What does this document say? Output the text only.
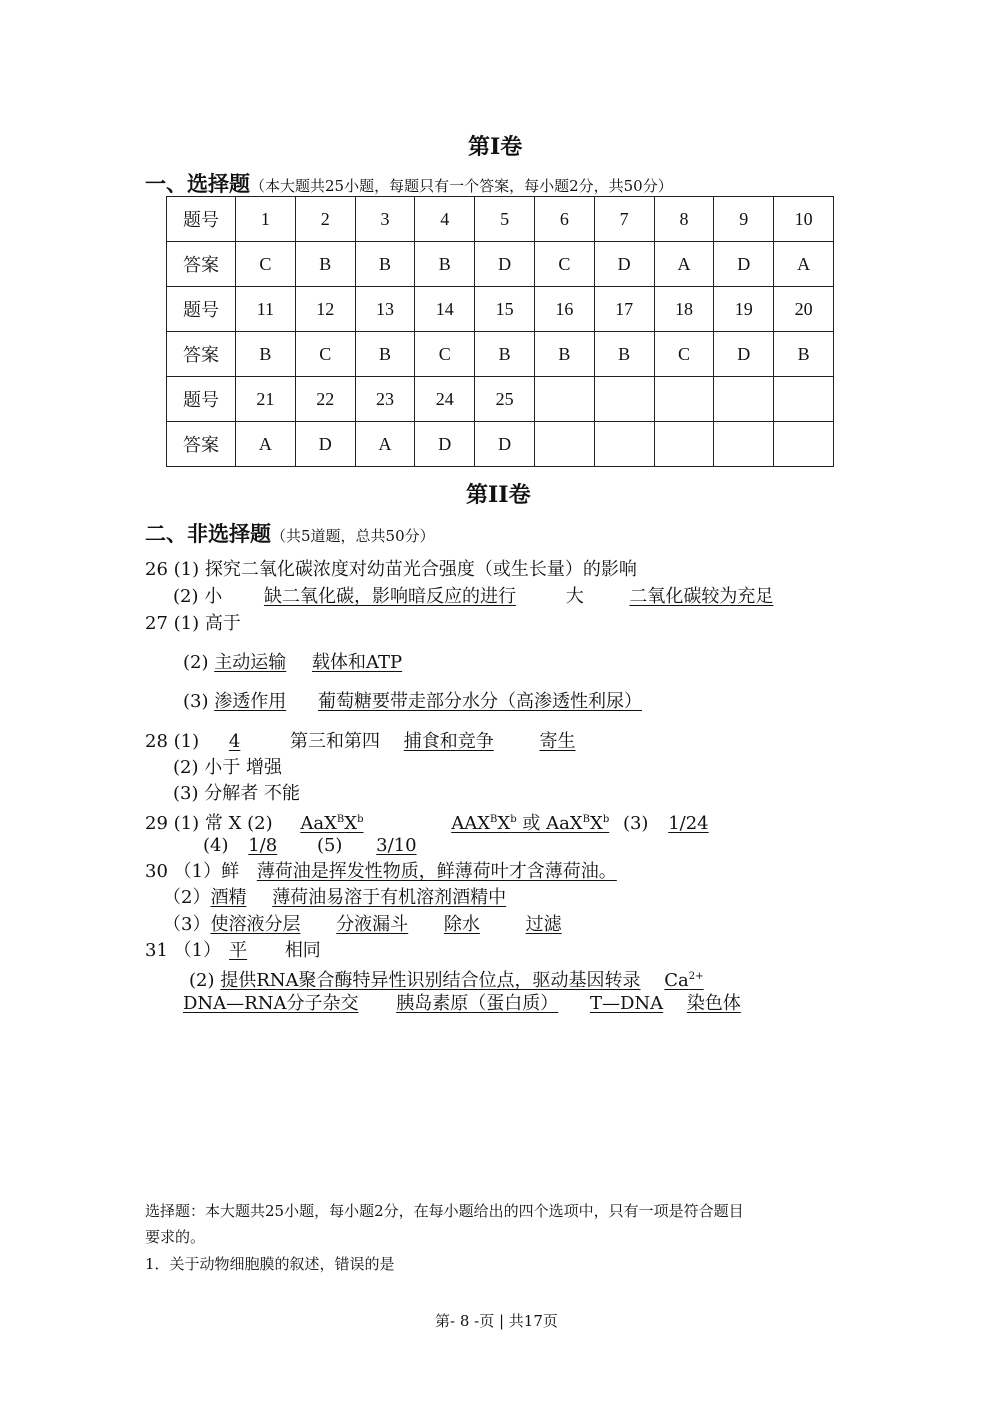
第Ⅰ卷
一、选择题（本大题共25小题，每题只有一个答案，每小题2分，共50分）
题号	1	2	3	4	5	6	7	8	9	10
答案	C	B	B	B	D	C	D	A	D	A
题号	11	12	13	14	15	16	17	18	19	20
答案	B	C	B	C	B	B	B	C	D	B
题号	21	22	23	24	25					
答案	A	D	A	D	D					
第II卷
二、非选择题（共5道题，总共50分）
26 (1) 探究二氧化碳浓度对幼苗光合强度（或生长量）的影响
(2) 小 缺二氧化碳，影响暗反应的进行	大	二氧化碳较为充足
27 (1) 高于
(2) 主动运输 载体和ATP
(3) 渗透作用 葡萄糖要带走部分水分（高渗透性利尿）
28 (1) 4	第三和第四 捕食和竞争	寄生
(2) 小于 增强
(3) 分解者 不能
29 (1) 常 X (2) $AaX^BX^b$	$AAX^BX^b$ 或 $AaX^BX^b$ (3) 1/24
(4) 1/8 (5) 3/10
30 （1）鲜 薄荷油是挥发性物质，鲜薄荷叶才含薄荷油。
（2）酒精 薄荷油易溶于有机溶剂酒精中
（3）使溶液分层 分液漏斗 除水	过滤
31 （1） 平 相同
(2) 提供RNA聚合酶特异性识别结合位点，驱动基因转录 $Ca^{2+}$
DNA—RNA分子杂交 胰岛素原（蛋白质） T—DNA 染色体
选择题：本大题共25小题，每小题2分，在每小题给出的四个选项中，只有一项是符合题目
要求的。
1．关于动物细胞膜的叙述，错误的是
第- 8 -页 | 共17页
